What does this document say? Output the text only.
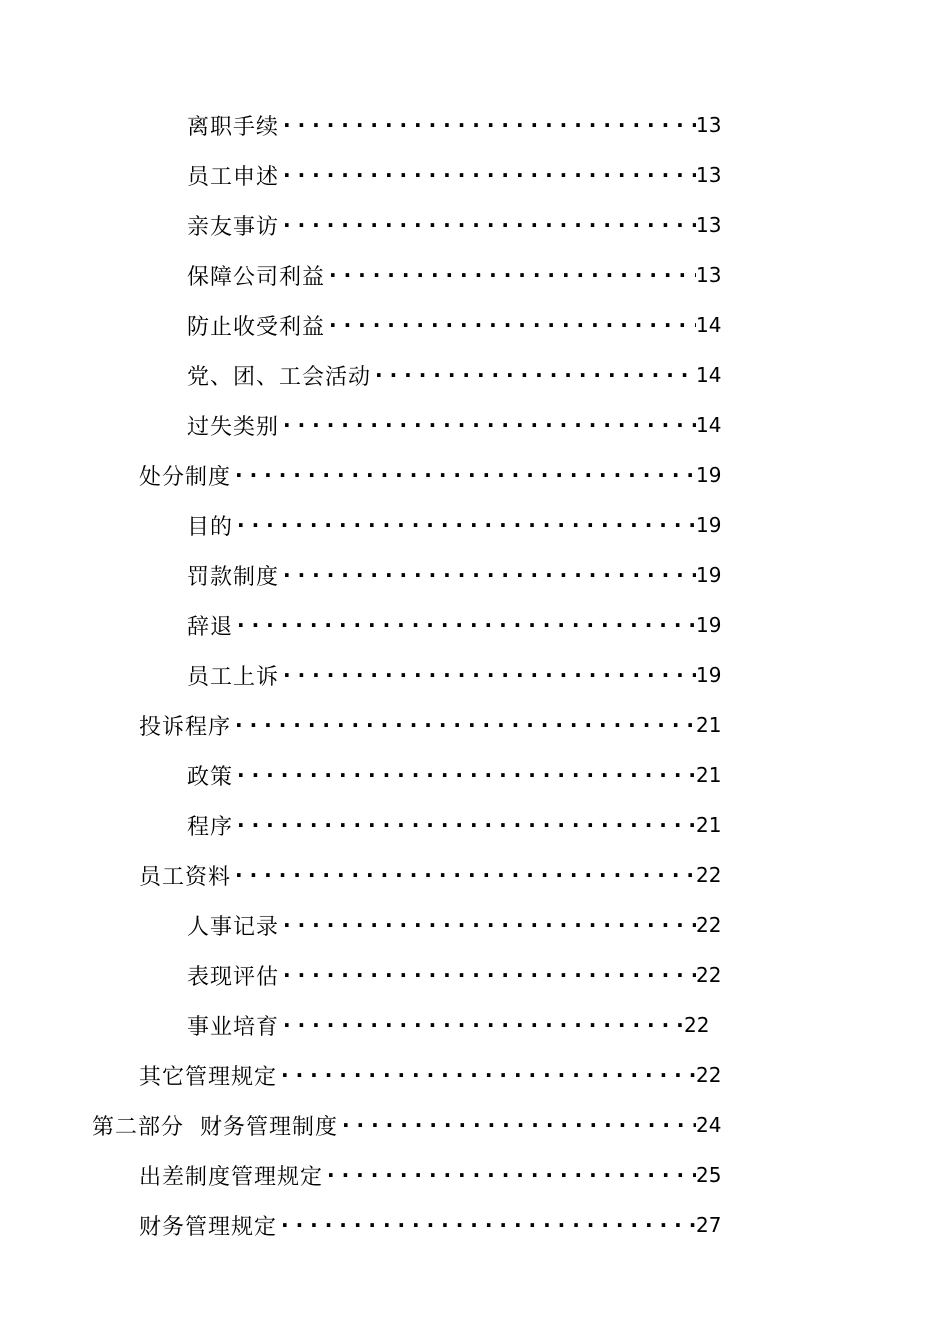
离职手续 · · ·	13
员工申述 · · ·	13
亲友事访 · · ·	13
保障公司利益 · · ·	13
防止收受利益 · · ·	14
党、团、工会活动 · · ·	14
过失类别 · · ·	14
处分制度 · · ·	19
目的 · · ·	19
罚款制度 · · ·	19
辞退 · · ·	19
员工上诉 · · ·	19
投诉程序 · · ·	21
政策 · · ·	21
程序 · · ·	21
员工资料 · · ·	22
人事记录 · · ·	22
表现评估 · · ·	22
事业培育 · · ·	22
其它管理规定 · · ·	22
第二部分  财务管理制度 · · ·	24
出差制度管理规定 · · ·	25
财务管理规定 · · ·	27
